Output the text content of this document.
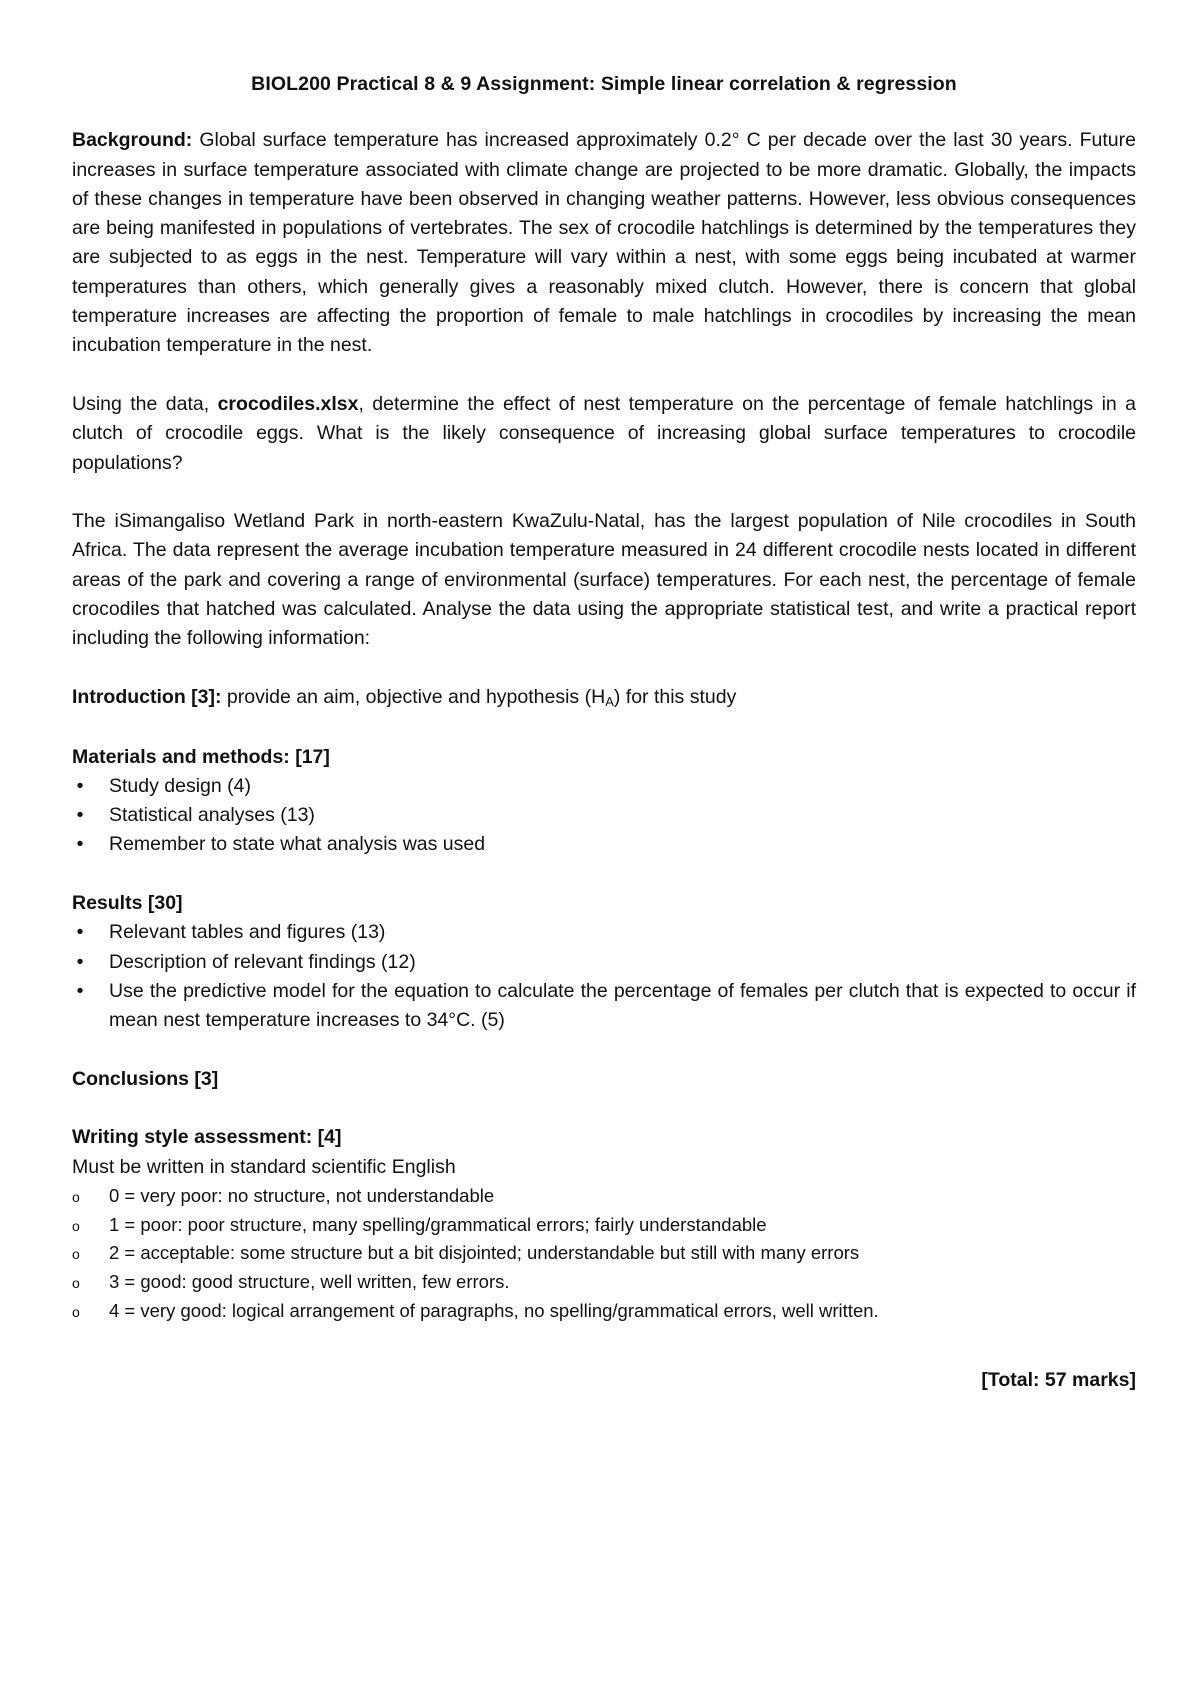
BIOL200 Practical 8 & 9 Assignment: Simple linear correlation & regression

Background: Global surface temperature has increased approximately 0.2° C per decade over the last 30 years. Future increases in surface temperature associated with climate change are projected to be more dramatic. Globally, the impacts of these changes in temperature have been observed in changing weather patterns. However, less obvious consequences are being manifested in populations of vertebrates. The sex of crocodile hatchlings is determined by the temperatures they are subjected to as eggs in the nest. Temperature will vary within a nest, with some eggs being incubated at warmer temperatures than others, which generally gives a reasonably mixed clutch. However, there is concern that global temperature increases are affecting the proportion of female to male hatchlings in crocodiles by increasing the mean incubation temperature in the nest.

Using the data, crocodiles.xlsx, determine the effect of nest temperature on the percentage of female hatchlings in a clutch of crocodile eggs. What is the likely consequence of increasing global surface temperatures to crocodile populations?

The iSimangaliso Wetland Park in north-eastern KwaZulu-Natal, has the largest population of Nile crocodiles in South Africa. The data represent the average incubation temperature measured in 24 different crocodile nests located in different areas of the park and covering a range of environmental (surface) temperatures. For each nest, the percentage of female crocodiles that hatched was calculated. Analyse the data using the appropriate statistical test, and write a practical report including the following information:

Introduction [3]: provide an aim, objective and hypothesis $(H_A)$ for this study

Materials and methods: [17]
• Study design (4)
• Statistical analyses (13)
• Remember to state what analysis was used
Results [30]
• Relevant tables and figures (13)
• Description of relevant findings (12)
• Use the predictive model for the equation to calculate the percentage of females per clutch that is expected to occur if mean nest temperature increases to 34°C. (5)
Conclusions [3]
Writing style assessment: [4]
Must be written in standard scientific English
o	0 = very poor: no structure, not understandable
o	1 = poor: poor structure, many spelling/grammatical errors; fairly understandable
o	2 = acceptable: some structure but a bit disjointed; understandable but still with many errors
o	3 = good: good structure, well written, few errors.
o	4 = very good: logical arrangement of paragraphs, no spelling/grammatical errors, well written.
[Total: 57 marks]
